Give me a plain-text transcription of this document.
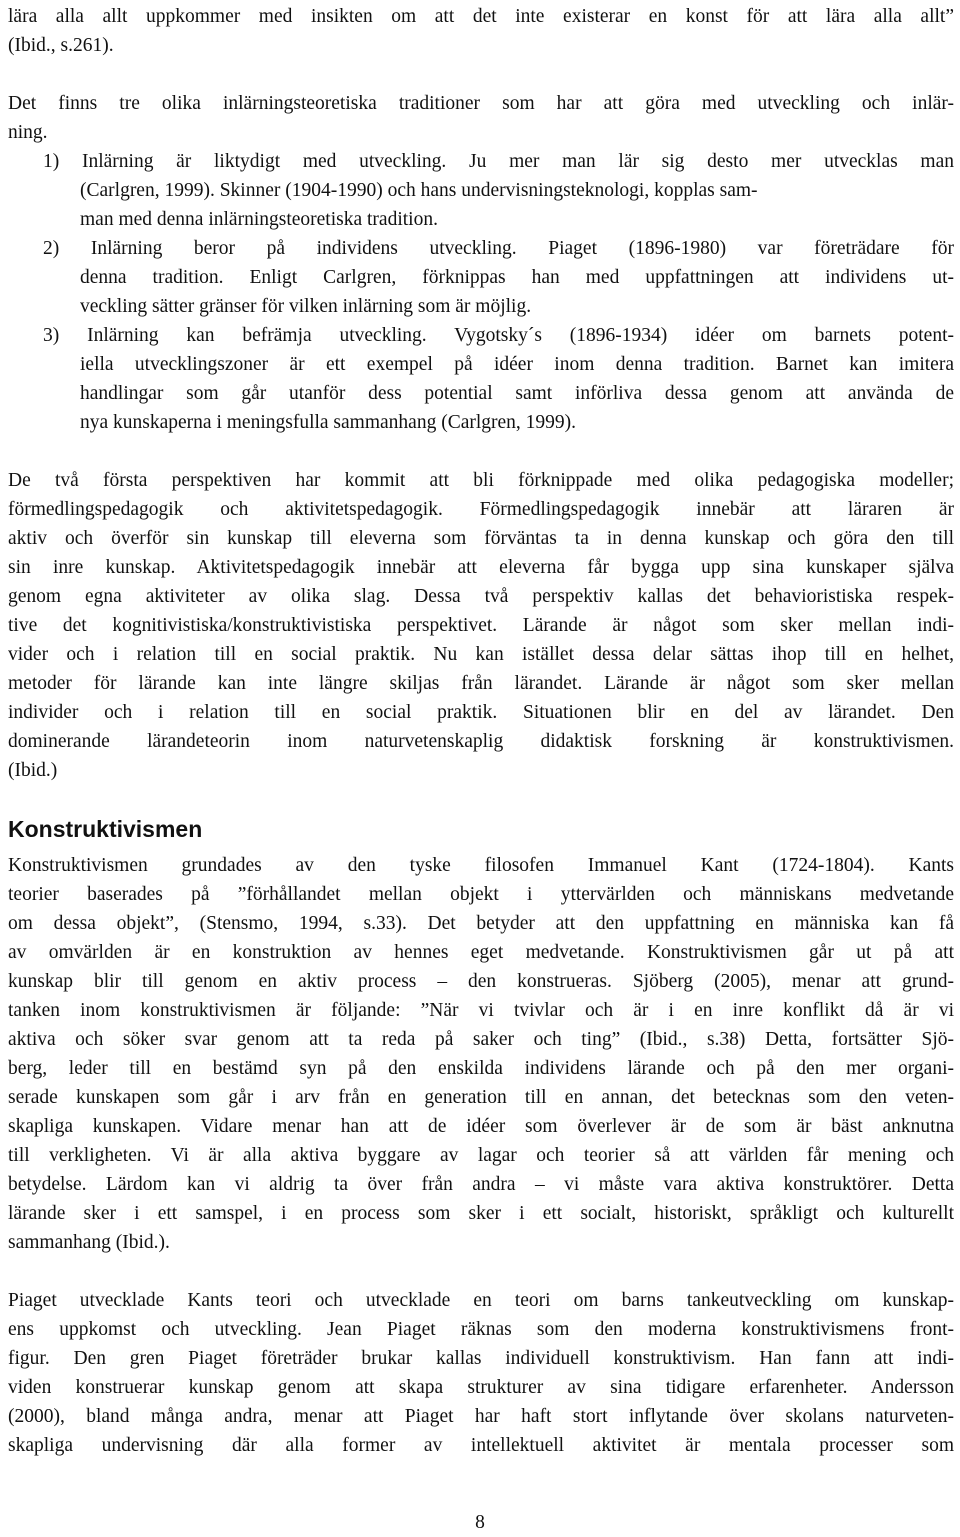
lära alla allt uppkommer med insikten om att det inte existerar en konst för att lära alla allt”
(Ibid., s.261).
Det finns tre olika inlärningsteoretiska traditioner som har att göra med utveckling och inlär-
ning.
1) Inlärning är liktydigt med utveckling. Ju mer man lär sig desto mer utvecklas man
(Carlgren, 1999). Skinner (1904-1990) och hans undervisningsteknologi, kopplas sam-
man med denna inlärningsteoretiska tradition.
2) Inlärning beror på individens utveckling. Piaget (1896-1980) var företrädare för
denna tradition. Enligt Carlgren, förknippas han med uppfattningen att individens ut-
veckling sätter gränser för vilken inlärning som är möjlig.
3) Inlärning kan befrämja utveckling. Vygotsky´s (1896-1934) idéer om barnets potent-
iella utvecklingszoner är ett exempel på idéer inom denna tradition. Barnet kan imitera
handlingar som går utanför dess potential samt införliva dessa genom att använda de
nya kunskaperna i meningsfulla sammanhang (Carlgren, 1999).
De två första perspektiven har kommit att bli förknippade med olika pedagogiska modeller;
förmedlingspedagogik och aktivitetspedagogik. Förmedlingspedagogik innebär att läraren är
aktiv och överför sin kunskap till eleverna som förväntas ta in denna kunskap och göra den till
sin inre kunskap. Aktivitetspedagogik innebär att eleverna får bygga upp sina kunskaper själva
genom egna aktiviteter av olika slag. Dessa två perspektiv kallas det behavioristiska respek-
tive det kognitivistiska/konstruktivistiska perspektivet. Lärande är något som sker mellan indi-
vider och i relation till en social praktik. Nu kan istället dessa delar sättas ihop till en helhet,
metoder för lärande kan inte längre skiljas från lärandet. Lärande är något som sker mellan
individer och i relation till en social praktik. Situationen blir en del av lärandet. Den
dominerande lärandeteorin inom naturvetenskaplig didaktisk forskning är konstruktivismen.
(Ibid.)
Konstruktivismen
Konstruktivismen grundades av den tyske filosofen Immanuel Kant (1724-1804). Kants
teorier baserades på ”förhållandet mellan objekt i yttervärlden och människans medvetande
om dessa objekt”, (Stensmo, 1994, s.33). Det betyder att den uppfattning en människa kan få
av omvärlden är en konstruktion av hennes eget medvetande. Konstruktivismen går ut på att
kunskap blir till genom en aktiv process – den konstrueras. Sjöberg (2005), menar att grund-
tanken inom konstruktivismen är följande: ”När vi tvivlar och är i en inre konflikt då är vi
aktiva och söker svar genom att ta reda på saker och ting” (Ibid., s.38) Detta, fortsätter Sjö-
berg, leder till en bestämd syn på den enskilda individens lärande och på den mer organi-
serade kunskapen som går i arv från en generation till en annan, det betecknas som den veten-
skapliga kunskapen. Vidare menar han att de idéer som överlever är de som är bäst anknutna
till verkligheten. Vi är alla aktiva byggare av lagar och teorier så att världen får mening och
betydelse. Lärdom kan vi aldrig ta över från andra – vi måste vara aktiva konstruktörer. Detta
lärande sker i ett samspel, i en process som sker i ett socialt, historiskt, språkligt och kulturellt
sammanhang (Ibid.).
Piaget utvecklade Kants teori och utvecklade en teori om barns tankeutveckling om kunskap-
ens uppkomst och utveckling. Jean Piaget räknas som den moderna konstruktivismens front-
figur. Den gren Piaget företräder brukar kallas individuell konstruktivism. Han fann att indi-
viden konstruerar kunskap genom att skapa strukturer av sina tidigare erfarenheter. Andersson
(2000), bland många andra, menar att Piaget har haft stort inflytande över skolans naturveten-
skapliga undervisning där alla former av intellektuell aktivitet är mentala processer som
8
